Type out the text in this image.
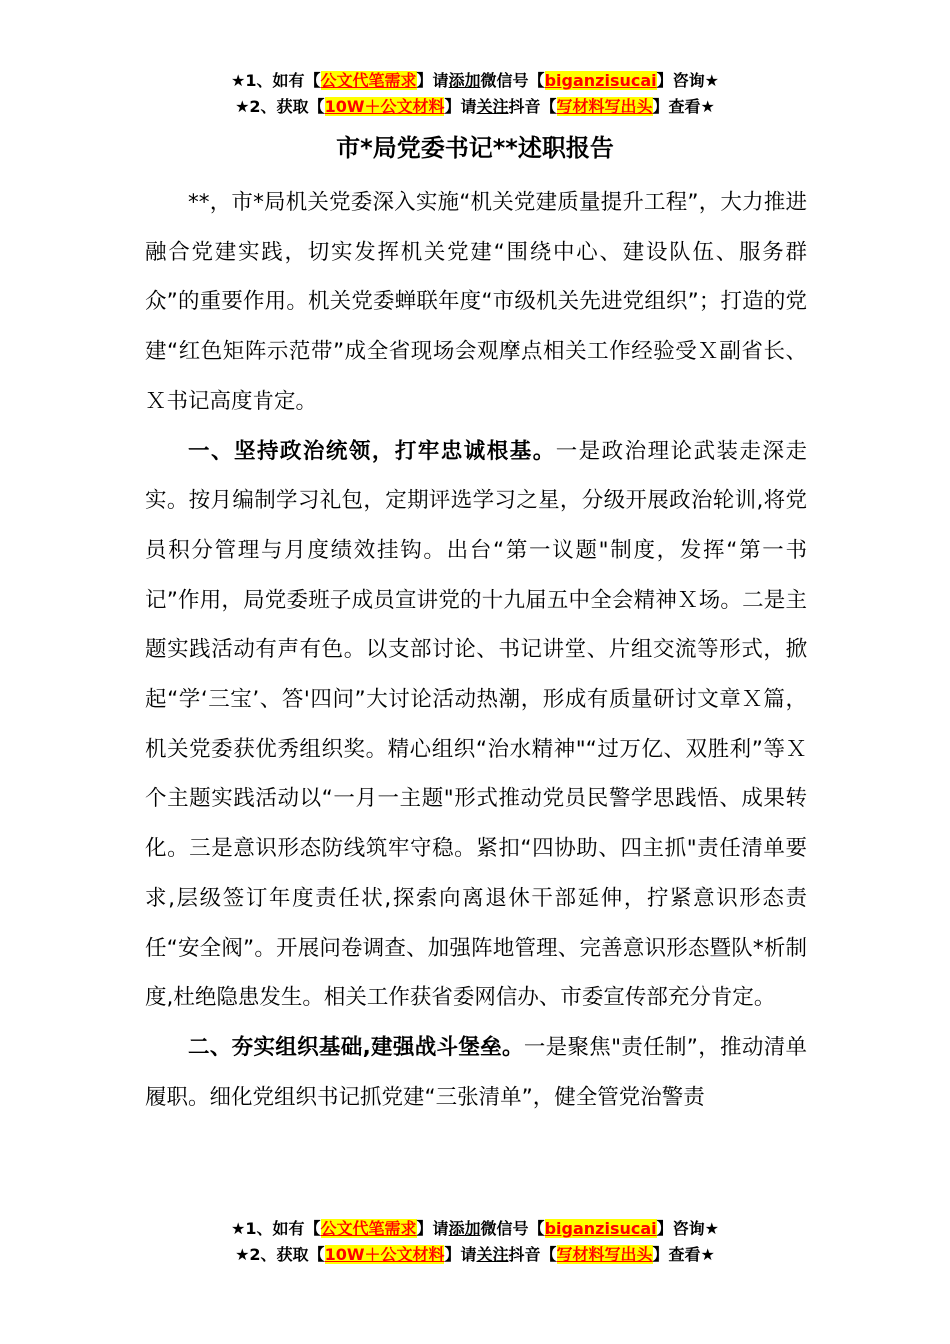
★1、如有【公文代笔需求】请添加微信号【biganzisucai】咨询★
★2、获取【10W＋公文材料】请关注抖音【写材料写出头】查看★
市*局党委书记**述职报告

**，市*局机关党委深入实施“机关党建质量提升工程”，大力推进融合党建实践，切实发挥机关党建“围绕中心、建设队伍、服务群众”的重要作用。机关党委蝉联年度“市级机关先进党组织”；打造的党建“红色矩阵示范带”成全省现场会观摩点相关工作经验受Ｘ副省长、Ｘ书记高度肯定。

一、坚持政治统领，打牢忠诚根基。一是政治理论武装走深走实。按月编制学习礼包，定期评选学习之星，分级开展政治轮训,将党员积分管理与月度绩效挂钩。出台“第一议题"制度，发挥“第一书记”作用，局党委班子成员宣讲党的十九届五中全会精神Ｘ场。二是主题实践活动有声有色。以支部讨论、书记讲堂、片组交流等形式，掀起“学‘三宝’、答'四问”大讨论活动热潮，形成有质量研讨文章Ｘ篇，机关党委获优秀组织奖。精心组织“治水精神"“过万亿、双胜利”等Ｘ个主题实践活动以“一月一主题"形式推动党员民警学思践悟、成果转化。三是意识形态防线筑牢守稳。紧扣“四协助、四主抓"责任清单要求,层级签订年度责任状,探索向离退休干部延伸，拧紧意识形态责任“安全阀”。开展问卷调查、加强阵地管理、完善意识形态暨队*析制度,杜绝隐患发生。相关工作获省委网信办、市委宣传部充分肯定。

二、夯实组织基础,建强战斗堡垒。一是聚焦"责任制”，推动清单履职。细化党组织书记抓党建“三张清单”，健全管党治警责

★1、如有【公文代笔需求】请添加微信号【biganzisucai】咨询★
★2、获取【10W＋公文材料】请关注抖音【写材料写出头】查看★
